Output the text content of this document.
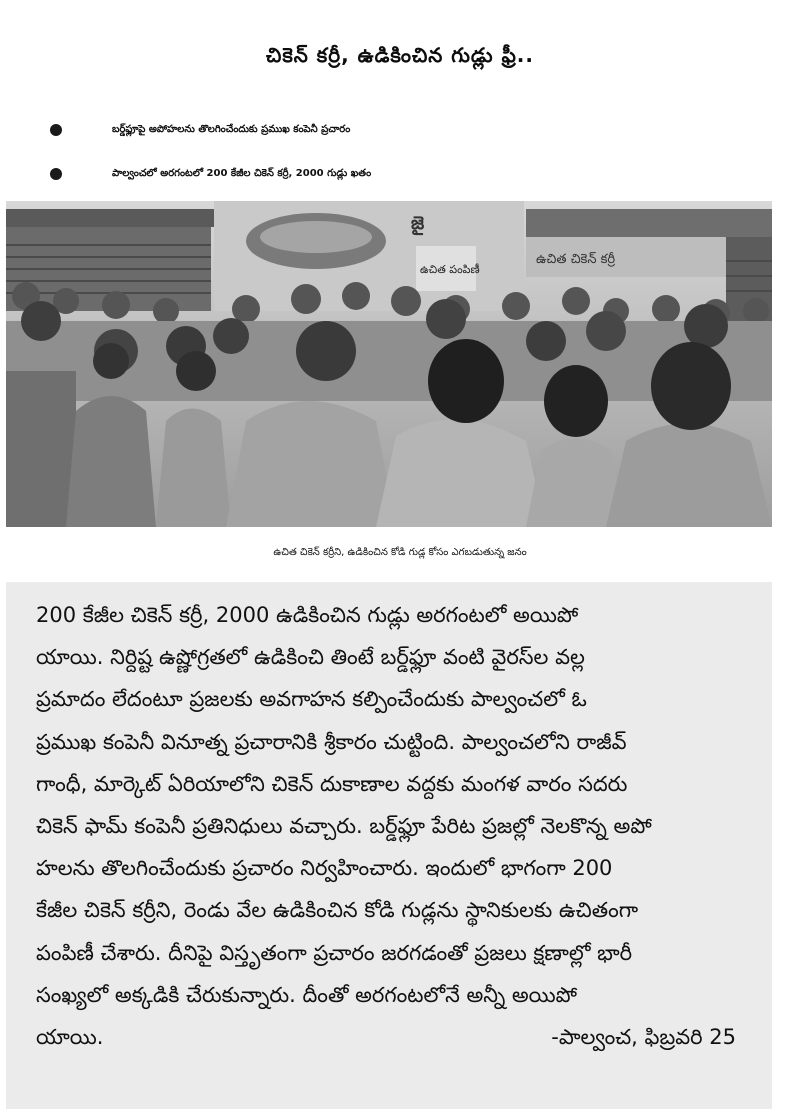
చికెన్ కర్రీ, ఉడికించిన గుడ్లు ఫ్రీ..
బర్డ్‌ఫ్లూపై అపోహలను తొలగించేందుకు ప్రముఖ కంపెనీ ప్రచారం
పాల్వంచలో అరగంటలో 200 కేజీల చికెన్ కర్రీ, 2000 గుడ్లు ఖతం
జై
ఉచిత పంపిణీ
ఉచిత చికెన్ కర్రీ
ఉచిత చికెన్ కర్రీని, ఉడికించిన కోడి గుడ్ల కోసం ఎగబడుతున్న జనం
200 కేజీల చికెన్ కర్రీ, 2000 ఉడికించిన గుడ్లు అరగంటలో అయిపో
యాయి. నిర్దిష్ట ఉష్ణోగ్రతలో ఉడికించి తింటే బర్డ్‌ఫ్లూ వంటి వైరస్‌ల వల్ల
ప్రమాదం లేదంటూ ప్రజలకు అవగాహన కల్పించేందుకు పాల్వంచలో ఓ
ప్రముఖ కంపెనీ వినూత్న ప్రచారానికి శ్రీకారం చుట్టింది. పాల్వంచలోని రాజీవ్
గాంధీ, మార్కెట్ ఏరియాలోని చికెన్ దుకాణాల వద్దకు మంగళ వారం సదరు
చికెన్ ఫామ్ కంపెనీ ప్రతినిధులు వచ్చారు. బర్డ్‌ఫ్లూ పేరిట ప్రజల్లో నెలకొన్న అపో
హలను తొలగించేందుకు ప్రచారం నిర్వహించారు. ఇందులో భాగంగా 200
కేజీల చికెన్ కర్రీని, రెండు వేల ఉడికించిన కోడి గుడ్లను స్థానికులకు ఉచితంగా
పంపిణీ చేశారు. దీనిపై విస్తృతంగా ప్రచారం జరగడంతో ప్రజలు క్షణాల్లో భారీ
సంఖ్యలో అక్కడికి చేరుకున్నారు. దీంతో అరగంటలోనే అన్నీ అయిపో
యాయి.	-పాల్వంచ, ఫిబ్రవరి 25
